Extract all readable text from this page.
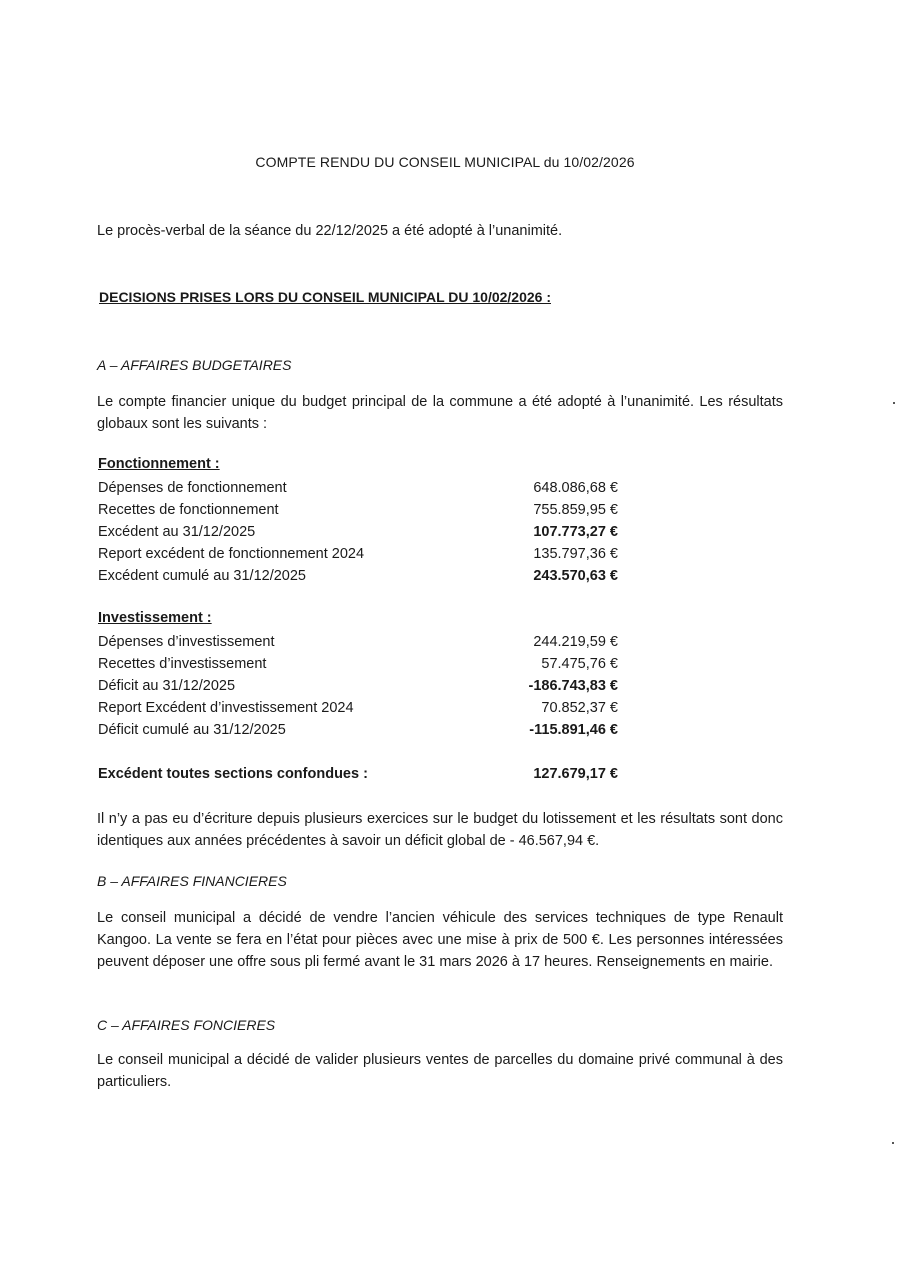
COMPTE RENDU DU CONSEIL MUNICIPAL du 10/02/2026
Le procès-verbal de la séance du 22/12/2025 a été adopté à l’unanimité.
DECISIONS PRISES LORS DU CONSEIL MUNICIPAL DU 10/02/2026 :
A – AFFAIRES BUDGETAIRES
Le compte financier unique du budget principal de la commune a été adopté à l’unanimité. Les résultats globaux sont les suivants :
Fonctionnement :
Dépenses de fonctionnement	648.086,68 €
Recettes de fonctionnement	755.859,95 €
Excédent au 31/12/2025	107.773,27 €
Report excédent de fonctionnement 2024	135.797,36 €
Excédent cumulé au 31/12/2025	243.570,63 €
Investissement :
Dépenses d’investissement	244.219,59 €
Recettes d’investissement	57.475,76 €
Déficit au 31/12/2025	-186.743,83 €
Report Excédent d’investissement 2024	70.852,37 €
Déficit cumulé au 31/12/2025	-115.891,46 €
Excédent toutes sections confondues :	127.679,17 €
Il n’y a pas eu d’écriture depuis plusieurs exercices sur le budget du lotissement et les résultats sont donc identiques aux années précédentes à savoir un déficit global de - 46.567,94 €.
B – AFFAIRES FINANCIERES
Le conseil municipal a décidé de vendre l’ancien véhicule des services techniques de type Renault Kangoo. La vente se fera en l’état pour pièces avec une mise à prix de 500 €. Les personnes intéressées peuvent déposer une offre sous pli fermé avant le 31 mars 2026 à 17 heures. Renseignements en mairie.
C – AFFAIRES FONCIERES
Le conseil municipal a décidé de valider plusieurs ventes de parcelles du domaine privé communal à des particuliers.
